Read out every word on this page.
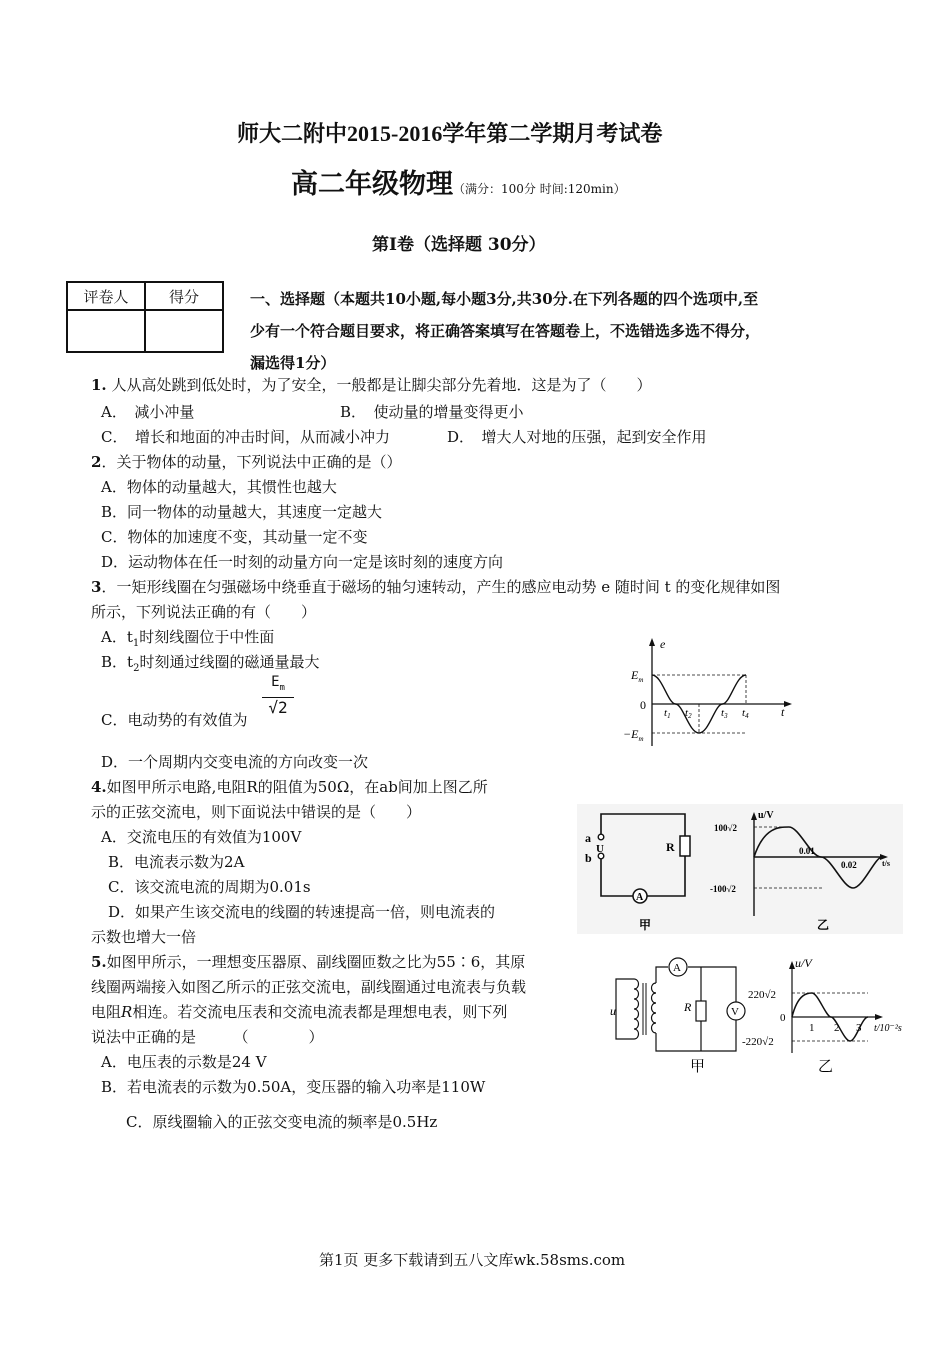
师大二附中2015-2016学年第二学期月考试卷
高二年级物理（满分：100分 时间:120min）
第Ⅰ卷（选择题 30分）
评卷人	得分
		一、选择题（本题共10小题,每小题3分,共30分.在下列各题的四个选项中,至
少有一个符合题目要求，将正确答案填写在答题卷上，不选错选多选不得分，
漏选得1分）
1. 人从高处跳到低处时，为了安全，一般都是让脚尖部分先着地．这是为了（　　）
A．　减小冲量	B．　使动量的增量变得更小
C．　增长和地面的冲击时间，从而减小冲力	D．　增大人对地的压强，起到安全作用
2．关于物体的动量，下列说法中正确的是（）
A．物体的动量越大，其惯性也越大
B．同一物体的动量越大，其速度一定越大
C．物体的加速度不变，其动量一定不变
D．运动物体在任一时刻的动量方向一定是该时刻的速度方向
3．一矩形线圈在匀强磁场中绕垂直于磁场的轴匀速转动，产生的感应电动势 e 随时间 t 的变化规律如图
所示，下列说法正确的有（　　）
A．$t_1$时刻线圈位于中性面
B．$t_2$时刻通过线圈的磁通量最大
C．电动势的有效值为
$\frac{E_m}{√2}$
D．一个周期内交变电流的方向改变一次
e
$E_m$
0
$-E_m$
t1 t2	t3 t4	t
4.如图甲所示电路,电阻R的阻值为50Ω，在ab间加上图乙所
示的正弦交流电，则下面说法中错误的是（　　）
A．交流电压的有效值为100V
B．电流表示数为2A
C．该交流电流的周期为0.01s
D．如果产生该交流电的线圈的转速提高一倍，则电流表的
示数也增大一倍
A
a
b
U	R
甲
u/V
100√2
-100√2
0.01
0.02	t/s
乙
5.如图甲所示，一理想变压器原、副线圈匝数之比为55∶6，其原
线圈两端接入如图乙所示的正弦交流电，副线圈通过电流表与负载
电阻R相连。若交流电压表和交流电流表都是理想电表，则下列
说法中正确的是　　　（　　　　）
A．电压表的示数是24 V
B．若电流表的示数为0.50A，变压器的输入功率是110W
C．原线圈输入的正弦交变电流的频率是0.5Hz
A
V
u	R
甲
u/V
220√2
0
-220√2
1 2 3 t/10⁻²s
乙
第1页 更多下载请到五八文库wk.58sms.com
